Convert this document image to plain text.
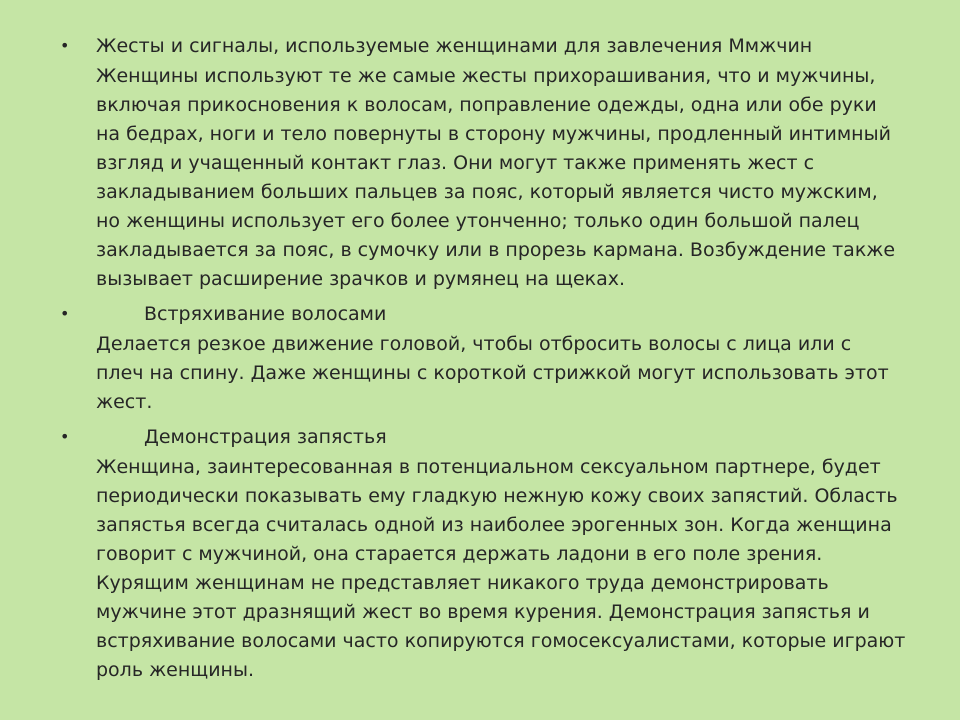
•	Жесты и сигналы, используемые женщинами для завлечения Ммжчин
Женщины используют те же самые жесты прихорашивания, что и мужчины,
включая прикосновения к волосам, поправление одежды, одна или обе руки
на бедрах, ноги и тело повернуты в сторону мужчины, продленный интимный
взгляд и учащенный контакт глаз. Они могут также применять жест с
закладыванием больших пальцев за пояс, который является чисто мужским,
но женщины использует его более утонченно; только один большой палец
закладывается за пояс, в сумочку или в прорезь кармана. Возбуждение также
вызывает расширение зрачков и румянец на щеках.
•	Встряхивание волосами
Делается резкое движение головой, чтобы отбросить волосы с лица или с
плеч на спину. Даже женщины с короткой стрижкой могут использовать этот
жест.
•	Демонстрация запястья
Женщина, заинтересованная в потенциальном сексуальном партнере, будет
периодически показывать ему гладкую нежную кожу своих запястий. Область
запястья всегда считалась одной из наиболее эрогенных зон. Когда женщина
говорит с мужчиной, она старается держать ладони в его поле зрения.
Курящим женщинам не представляет никакого труда демонстрировать
мужчине этот дразнящий жест во время курения. Демонстрация запястья и
встряхивание волосами часто копируются гомосексуалистами, которые играют
роль женщины.
